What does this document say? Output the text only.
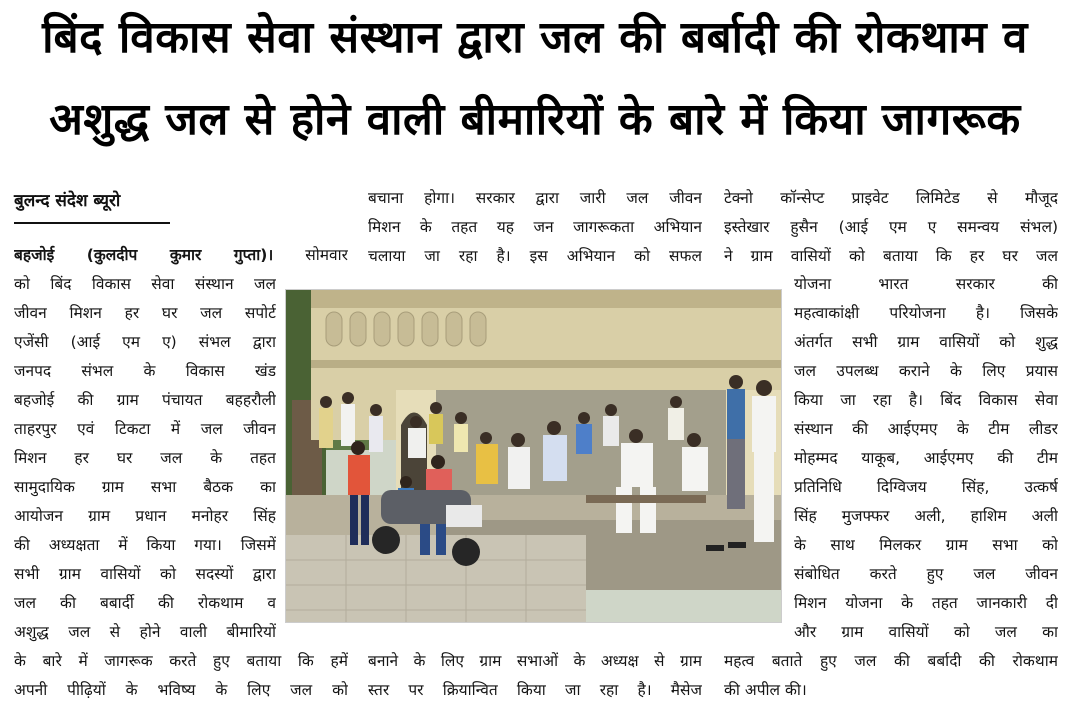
बिंद विकास सेवा संस्थान द्वारा जल की बर्बादी की रोकथाम व
अशुद्ध जल से होने वाली बीमारियों के बारे में किया जागरूक
बुलन्द संदेश ब्यूरो
बहजोई (कुलदीप कुमार गुप्ता)। सोमवार
को बिंद विकास सेवा संस्थान जल
जीवन मिशन हर घर जल सपोर्ट
एजेंसी (आई एम ए) संभल द्वारा
जनपद संभल के विकास खंड
बहजोई की ग्राम पंचायत बहहरौली
ताहरपुर एवं टिकटा में जल जीवन
मिशन हर घर जल के तहत
सामुदायिक ग्राम सभा बैठक का
आयोजन ग्राम प्रधान मनोहर सिंह
की अध्यक्षता में किया गया। जिसमें
सभी ग्राम वासियों को सदस्यों द्वारा
जल की बबार्दी की रोकथाम व
अशुद्ध जल से होने वाली बीमारियों
के बारे में जागरूक करते हुए बताया कि हमें
अपनी पीढ़ियों के भविष्य के लिए जल को
बचाना होगा। सरकार द्वारा जारी जल जीवन
मिशन के तहत यह जन जागरूकता अभियान
चलाया जा रहा है। इस अभियान को सफल
बनाने के लिए ग्राम सभाओं के अध्यक्ष से ग्राम
स्तर पर क्रियान्वित किया जा रहा है। मैसेज
टेक्नो कॉन्सेप्ट प्राइवेट लिमिटेड से मौजूद
इस्तेखार हुसैन (आई एम ए समन्वय संभल)
ने ग्राम वासियों को बताया कि हर घर जल
योजना भारत सरकार की
महत्वाकांक्षी परियोजना है। जिसके
अंतर्गत सभी ग्राम वासियों को शुद्ध
जल उपलब्ध कराने के लिए प्रयास
किया जा रहा है। बिंद विकास सेवा
संस्थान की आईएमए के टीम लीडर
मोहम्मद याकूब, आईएमए की टीम
प्रतिनिधि दिग्विजय सिंह, उत्कर्ष
सिंह मुजफ्फर अली, हाशिम अली
के साथ मिलकर ग्राम सभा को
संबोधित करते हुए जल जीवन
मिशन योजना के तहत जानकारी दी
और ग्राम वासियों को जल का
महत्व बताते हुए जल की बर्बादी की रोकथाम
की अपील की।
